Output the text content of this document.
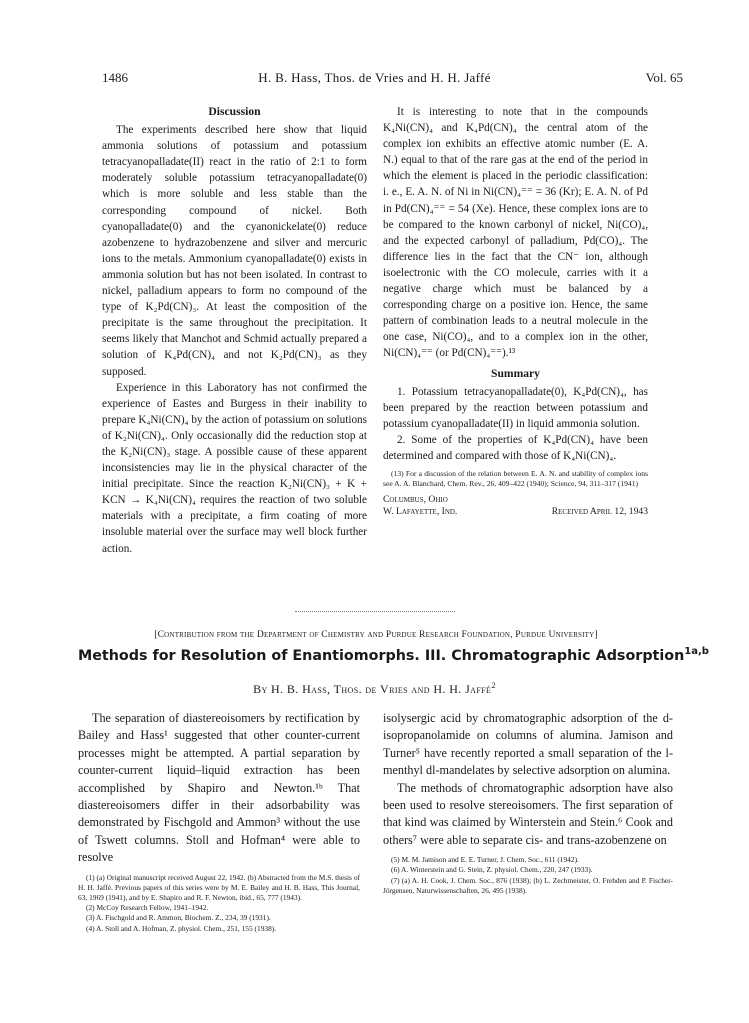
1486	H. B. Hass, Thos. de Vries and H. H. Jaffé	Vol. 65
Discussion

The experiments described here show that liquid ammonia solutions of potassium and potassium tetracyanopalladate(II) react in the ratio of 2:1 to form moderately soluble potassium tetracyanopalladate(0) which is more soluble and less stable than the corresponding compound of nickel. Both cyanopalladate(0) and the cyanonickelate(0) reduce azobenzene to hydrazobenzene and silver and mercuric ions to the metals. Ammonium cyanopalladate(0) exists in ammonia solution but has not been isolated. In contrast to nickel, palladium appears to form no compound of the type of K₂Pd(CN)₃. At least the composition of the precipitate is the same throughout the precipitation. It seems likely that Manchot and Schmid actually prepared a solution of K₄Pd(CN)₄ and not K₂Pd(CN)₃ as they supposed.

Experience in this Laboratory has not confirmed the experience of Eastes and Burgess in their inability to prepare K₄Ni(CN)₄ by the action of potassium on solutions of K₂Ni(CN)₄. Only occasionally did the reduction stop at the K₂Ni(CN)₃ stage. A possible cause of these apparent inconsistencies may lie in the physical character of the initial precipitate. Since the reaction K₂Ni(CN)₃ + K + KCN → K₄Ni(CN)₄ requires the reaction of two soluble materials with a precipitate, a firm coating of more insoluble material over the surface may well block further action.

It is interesting to note that in the compounds K₄Ni(CN)₄ and K₄Pd(CN)₄ the central atom of the complex ion exhibits an effective atomic number (E. A. N.) equal to that of the rare gas at the end of the period in which the element is placed in the periodic classification: i. e., E. A. N. of Ni in Ni(CN)₄⁼⁼ = 36 (Kr); E. A. N. of Pd in Pd(CN)₄⁼⁼ = 54 (Xe). Hence, these complex ions are to be compared to the known carbonyl of nickel, Ni(CO)₄, and the expected carbonyl of palladium, Pd(CO)₄. The difference lies in the fact that the CN⁻ ion, although isoelectronic with the CO molecule, carries with it a negative charge which must be balanced by a corresponding charge on a positive ion. Hence, the same pattern of combination leads to a neutral molecule in the one case, Ni(CO)₄, and to a complex ion in the other, Ni(CN)₄⁼⁼ (or Pd(CN)₄⁼⁼).¹³

Summary

1. Potassium tetracyanopalladate(0), K₄Pd(CN)₄, has been prepared by the reaction between potassium and potassium cyanopalladate(II) in liquid ammonia solution.

2. Some of the properties of K₄Pd(CN)₄ have been determined and compared with those of K₄Ni(CN)₄.

(13) For a discussion of the relation between E. A. N. and stability of complex ions see A. A. Blanchard, Chem. Rev., 26, 409–422 (1940); Science, 94, 311–317 (1941)

Columbus, Ohio
W. Lafayette, Ind.	Received April 12, 1943
[Contribution from the Department of Chemistry and Purdue Research Foundation, Purdue University]
Methods for Resolution of Enantiomorphs. III. Chromatographic Adsorption$^{1a,b}$
By H. B. Hass, Thos. de Vries and H. H. Jaffé$^2$

The separation of diastereoisomers by rectification by Bailey and Hass¹ suggested that other counter-current processes might be attempted. A partial separation by counter-current liquid–liquid extraction has been accomplished by Shapiro and Newton.¹ᵇ That diastereoisomers differ in their adsorbability was demonstrated by Fischgold and Ammon³ without the use of Tswett columns. Stoll and Hofman⁴ were able to resolve

(1) (a) Original manuscript received August 22, 1942. (b) Abstracted from the M.S. thesis of H. H. Jaffé. Previous papers of this series were by M. E. Bailey and H. B. Hass, This Journal, 63, 1969 (1941), and by E. Shapiro and R. F. Newton, ibid., 65, 777 (1943).

(2) McCoy Research Fellow, 1941–1942.

(3) A. Fischgold and R. Ammon, Biochem. Z., 234, 39 (1931).

(4) A. Stoll and A. Hofman, Z. physiol. Chem., 251, 155 (1938).

isolysergic acid by chromatographic adsorption of the d-isopropanolamide on columns of alumina. Jamison and Turner⁵ have recently reported a small separation of the l-menthyl dl-mandelates by selective adsorption on alumina.

The methods of chromatographic adsorption have also been used to resolve stereoisomers. The first separation of that kind was claimed by Winterstein and Stein.⁶ Cook and others⁷ were able to separate cis- and trans-azobenzene on

(5) M. M. Jamison and E. E. Turner, J. Chem. Soc., 611 (1942).

(6) A. Winterstein and G. Stein, Z. physiol. Chem., 220, 247 (1933).

(7) (a) A. H. Cook, J. Chem. Soc., 876 (1938); (b) L. Zechmeister, O. Frehden and P. Fischer-Jörgensen, Naturwissenschaften, 26, 495 (1938).
